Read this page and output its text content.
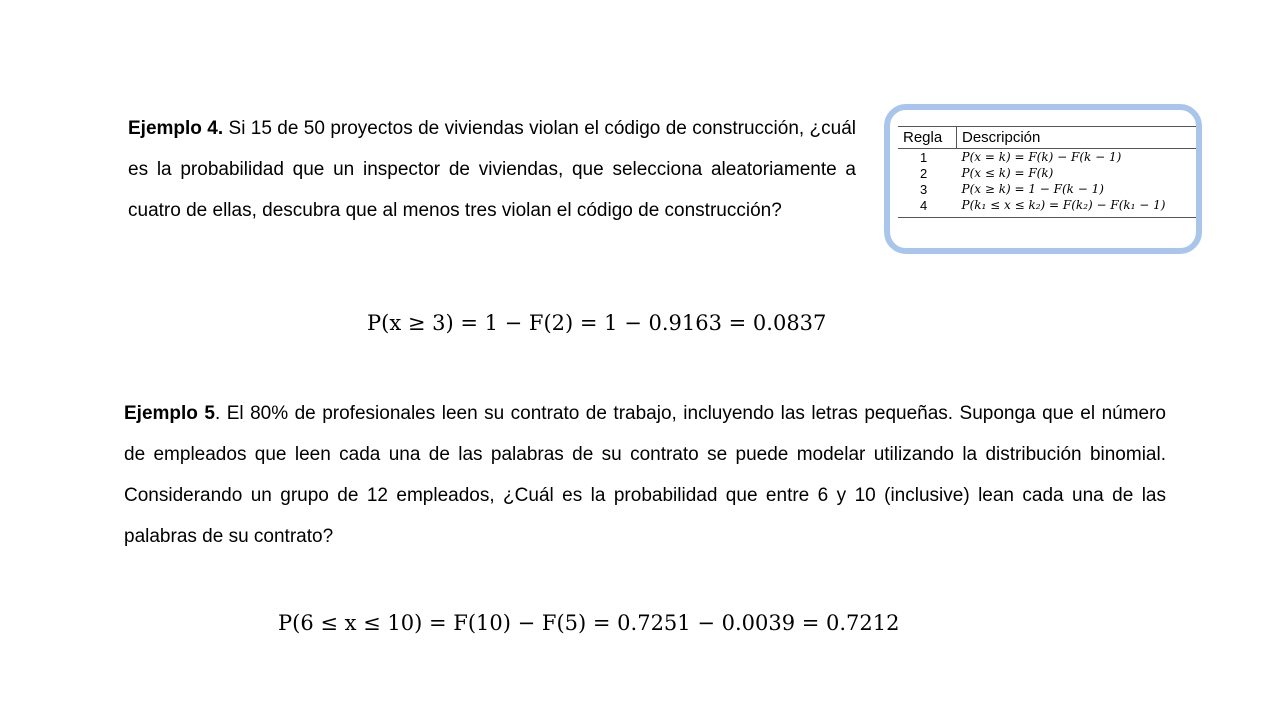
Ejemplo 4. Si 15 de 50 proyectos de viviendas violan el código de construcción, ¿cuál es la probabilidad que un inspector de viviendas, que selecciona aleatoriamente a cuatro de ellas, descubra que al menos tres violan el código de construcción?
P(x ≥ 3) = 1 − F(2) = 1 − 0.9163 = 0.0837
Regla	Descripción
1	P(x = k) = F(k) − F(k − 1)
2	P(x ≤ k) = F(k)
3	P(x ≥ k) = 1 − F(k − 1)
4	P(k₁ ≤ x ≤ k₂) = F(k₂) − F(k₁ − 1)
Ejemplo 5. El 80% de profesionales leen su contrato de trabajo, incluyendo las letras pequeñas. Suponga que el número de empleados que leen cada una de las palabras de su contrato se puede modelar utilizando la distribución binomial. Considerando un grupo de 12 empleados, ¿Cuál es la probabilidad que entre 6 y 10 (inclusive) lean cada una de las palabras de su contrato?
P(6 ≤ x ≤ 10) = F(10) − F(5) = 0.7251 − 0.0039 = 0.7212
